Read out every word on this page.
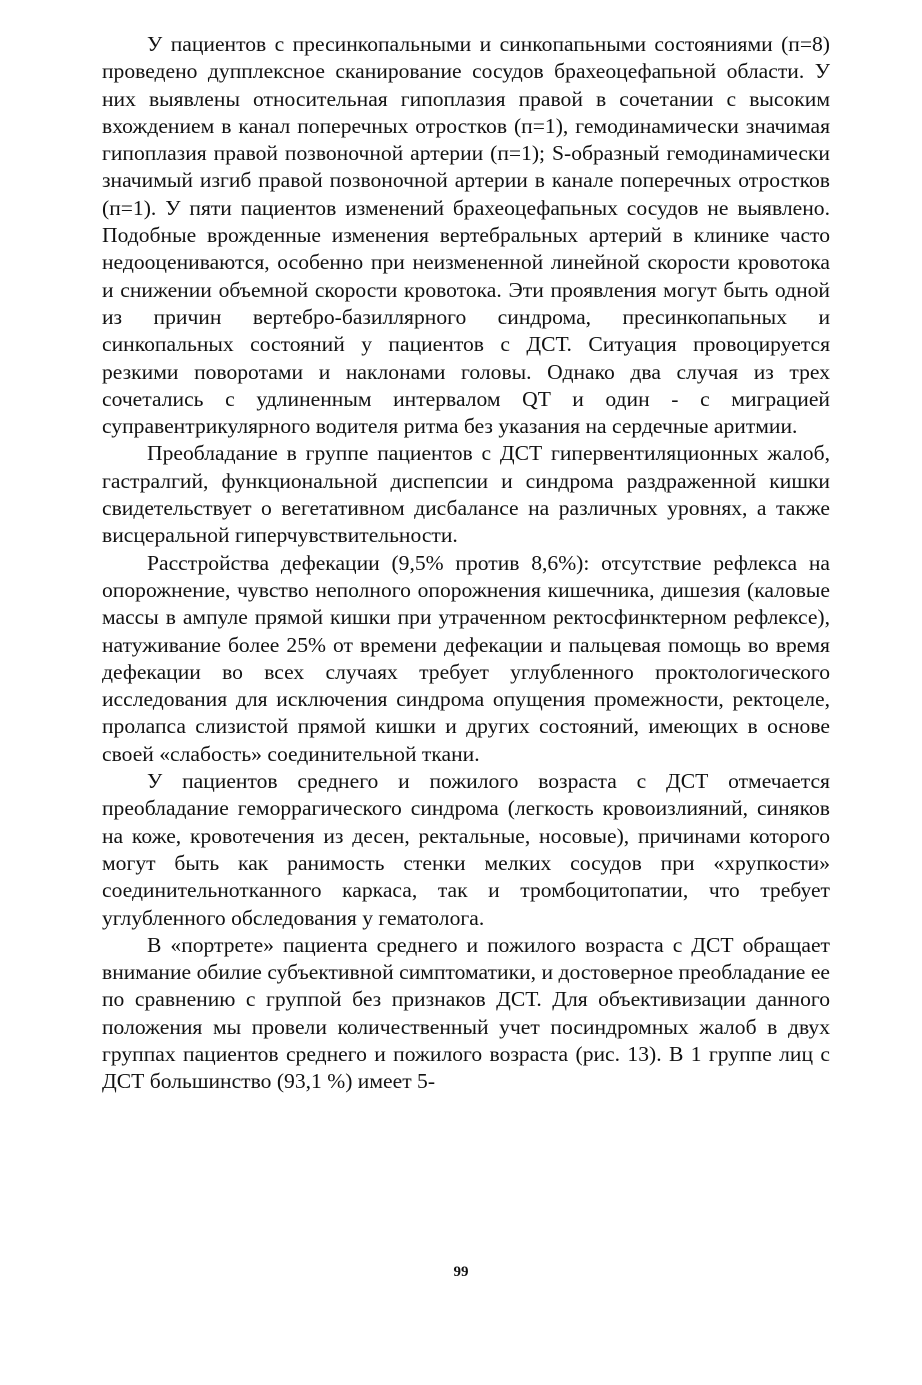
У пациентов с пресинкопальными и синкопапьными состояниями (п=8) проведено дупплексное сканирование сосудов брахеоцефапьной области. У них выявлены относительная гипоплазия правой в сочетании с высоким вхождением в канал поперечных отростков (п=1), гемодинамически значимая гипоплазия правой позвоночной артерии (п=1); S-образный гемодинамически значимый изгиб правой позвоночной артерии в канале поперечных отростков (п=1). У пяти пациентов изменений брахеоцефапьных сосудов не выявлено. Подобные врожденные изменения вертебральных артерий в клинике часто недооцениваются, особенно при неизмененной линейной скорости кровотока и снижении объемной скорости кровотока. Эти проявления могут быть одной из причин вертебро-базиллярного синдрома, пресинкопапьных и синкопальных состояний у пациентов с ДСТ. Ситуация провоцируется резкими поворотами и наклонами головы. Однако два случая из трех сочетались с удлиненным интервалом QT и один - с миграцией суправентрикулярного водителя ритма без указания на сердечные аритмии.

Преобладание в группе пациентов с ДСТ гипервентиляционных жалоб, гастралгий, функциональной диспепсии и синдрома раздраженной кишки свидетельствует о вегетативном дисбалансе на различных уровнях, а также висцеральной гиперчувствительности.

Расстройства дефекации (9,5% против 8,6%): отсутствие рефлекса на опорожнение, чувство неполного опорожнения кишечника, дишезия (каловые массы в ампуле прямой кишки при утраченном ректосфинктерном рефлексе), натуживание более 25% от времени дефекации и пальцевая помощь во время дефекации во всех случаях требует углубленного проктологического исследования для исключения синдрома опущения промежности, ректоцеле, пролапса слизистой прямой кишки и других состояний, имеющих в основе своей «слабость» соединительной ткани.

У пациентов среднего и пожилого возраста с ДСТ отмечается преобладание геморрагического синдрома (легкость кровоизлияний, синяков на коже, кровотечения из десен, ректальные, носовые), причинами которого могут быть как ранимость стенки мелких сосудов при «хрупкости» соединительнотканного каркаса, так и тромбоцитопатии, что требует углубленного обследования у гематолога.

В «портрете» пациента среднего и пожилого возраста с ДСТ обращает внимание обилие субъективной симптоматики, и достоверное преобладание ее по сравнению с группой без признаков ДСТ. Для объективизации данного положения мы провели количественный учет посиндромных жалоб в двух группах пациентов среднего и пожилого возраста (рис. 13). В 1 группе лиц с ДСТ большинство (93,1 %) имеет 5-

99
